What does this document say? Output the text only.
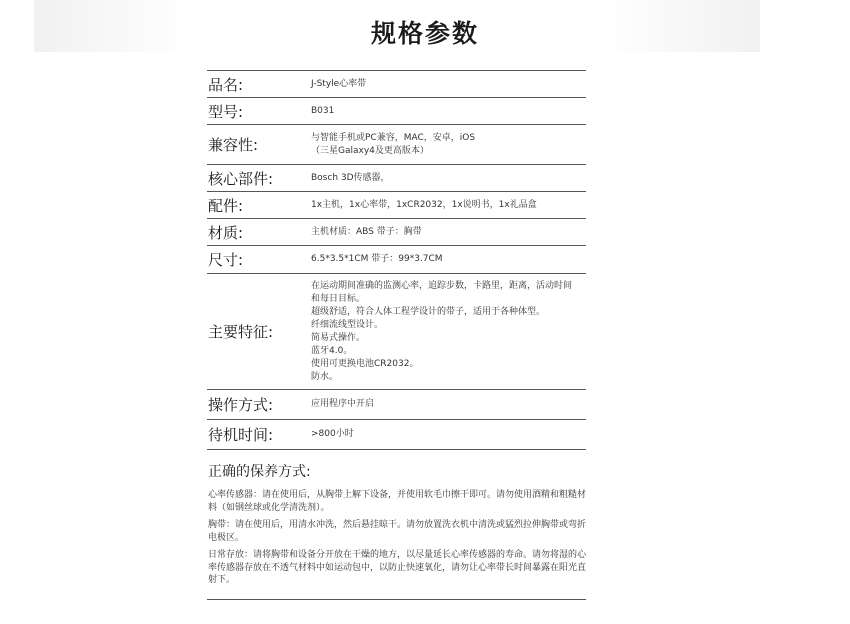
规格参数
品名:	J-Style心率带
型号:	B031
兼容性:	与智能手机或PC兼容，MAC，安卓，iOS
（三星Galaxy4及更高版本）
核心部件:	Bosch 3D传感器，
配件:	1x主机，1x心率带，1xCR2032，1x说明书，1x礼品盒
材质:	主机材质：ABS 带子：胸带
尺寸:	6.5*3.5*1CM 带子：99*3.7CM
主要特征:
在运动期间准确的监测心率，追踪步数，卡路里，距离，活动时间
和每日目标。
超级舒适，符合人体工程学设计的带子，适用于各种体型。
纤细流线型设计。
简易式操作。
蓝牙4.0。
使用可更换电池CR2032。
防水。
操作方式:	应用程序中开启
待机时间:	>800小时
正确的保养方式:
心率传感器：请在使用后，从胸带上解下设备，并使用软毛巾擦干即可。请勿使用酒精和粗糙材料（如钢丝球或化学清洗剂）。
胸带：请在使用后，用清水冲洗，然后悬挂晾干。请勿放置洗衣机中清洗或猛烈拉伸胸带或弯折电极区。
日常存放：请将胸带和设备分开放在干燥的地方，以尽量延长心率传感器的寿命。请勿将湿的心率传感器存放在不透气材料中如运动包中，以防止快速氧化，请勿让心率带长时间暴露在阳光直射下。
